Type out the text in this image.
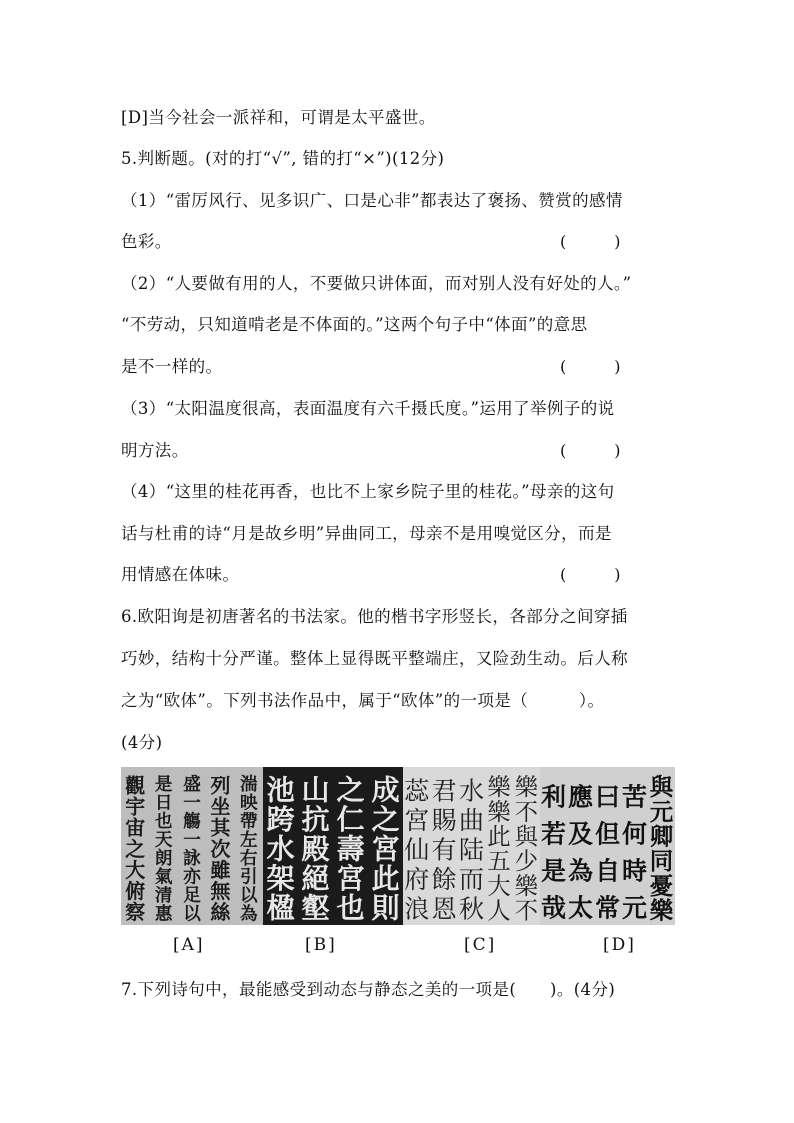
[D]当今社会一派祥和，可谓是太平盛世。
5.判断题。(对的打“√”, 错的打“×”)(12分)
（1）“雷厉风行、见多识广、口是心非”都表达了褒扬、赞赏的感情
色彩。	(　　　)
（2）“人要做有用的人，不要做只讲体面，而对别人没有好处的人。”
“不劳动，只知道啃老是不体面的。”这两个句子中“体面”的意思
是不一样的。	(　　　)
（3）“太阳温度很高，表面温度有六千摄氏度。”运用了举例子的说
明方法。	(　　　)
（4）“这里的桂花再香，也比不上家乡院子里的桂花。”母亲的这句
话与杜甫的诗“月是故乡明”异曲同工，母亲不是用嗅觉区分，而是
用情感在体味。	(　　　)
6.欧阳询是初唐著名的书法家。他的楷书字形竖长，各部分之间穿插
巧妙，结构十分严谨。整体上显得既平整端庄，又险劲生动。后人称
之为“欧体”。下列书法作品中，属于“欧体”的一项是（　　　）。
(4分)
觀
宇
宙
之
大
俯
察
是
日
也
天
朗
氣
清
惠
盛
一
觴
一
詠
亦
足
以
列
坐
其
次
雖
無
絲
湍
映
帶
左
右
引
以
為
池
跨
水
架
楹
山
抗
殿
絕
壑
之
仁
壽
宮
也
成
之
宮
此
則
蕊
宮
仙
府
浪
君
賜
有
餘
恩
水
曲
陆
而
秋
樂
樂
此
五
大
人
樂
不
與
少
樂
不
利
若
是
哉
應
及
為
太
曰
但
自
常
苦
何
時
元
與
元
卿
同
憂
樂
[A]	[B]	[C]	[D]
7.下列诗句中，最能感受到动态与静态之美的一项是(　　)。(4分)
